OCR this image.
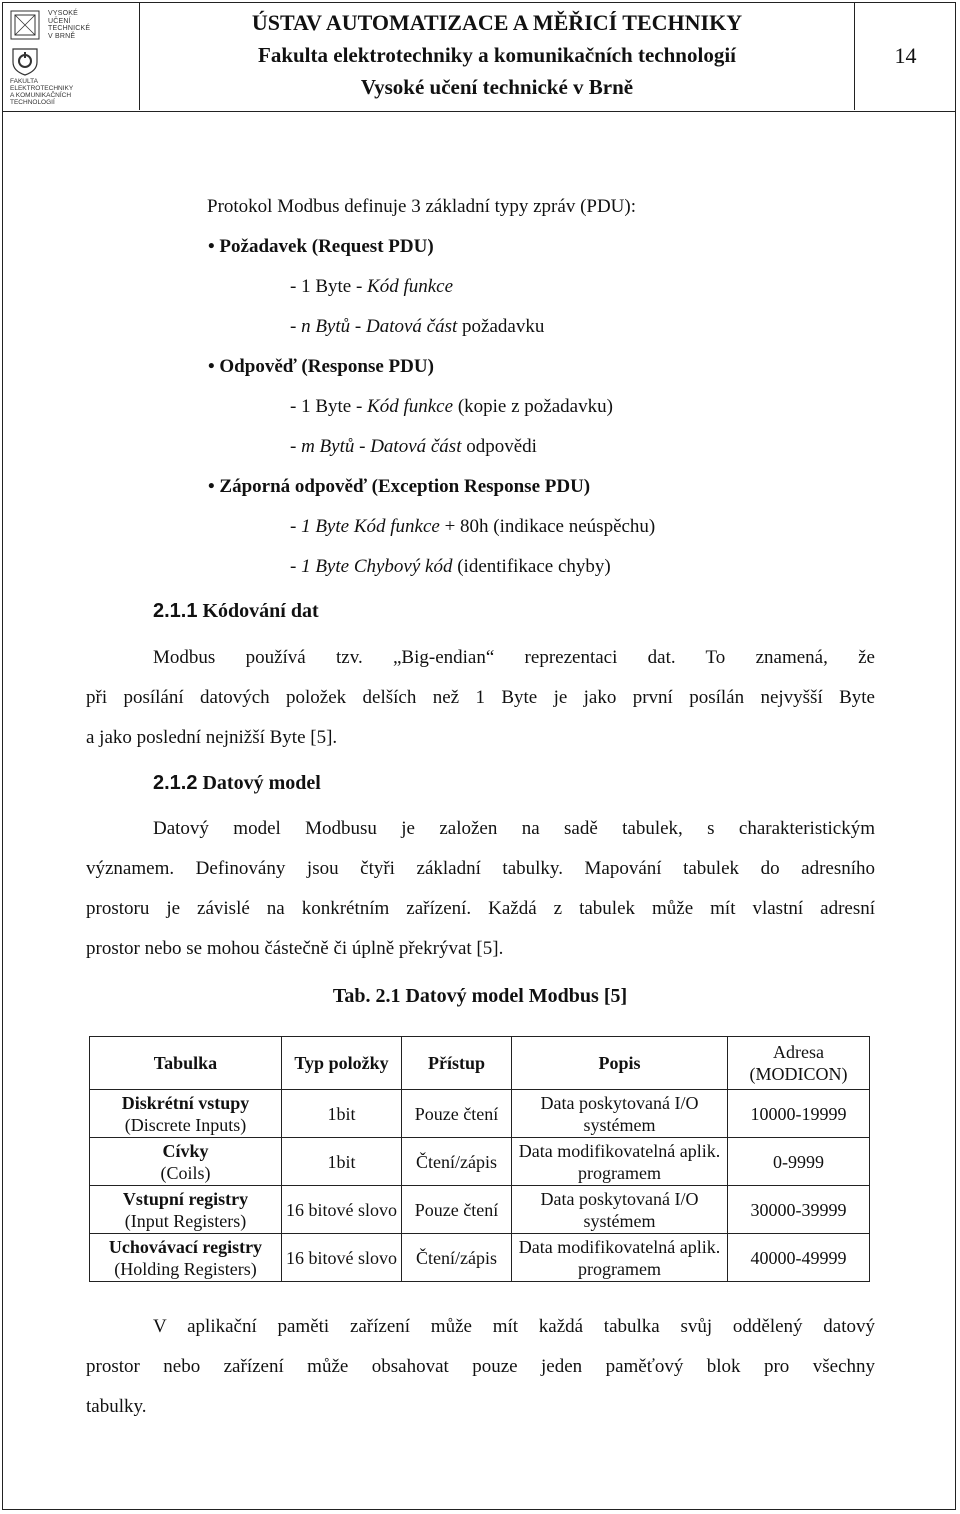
VYSOKÉ
UČENÍ
TECHNICKÉ
V BRNĚ
FAKULTA
ELEKTROTECHNIKY
A KOMUNIKAČNÍCH
TECHNOLOGIÍ
ÚSTAV AUTOMATIZACE A MĚŘICÍ TECHNIKY
Fakulta elektrotechniky a komunikačních technologií
Vysoké učení technické v Brně
14
Protokol Modbus definuje 3 základní typy zpráv (PDU):
• Požadavek (Request PDU)
- 1 Byte - Kód funkce
- n Bytů - Datová část požadavku
• Odpověď (Response PDU)
- 1 Byte - Kód funkce (kopie z požadavku)
- m Bytů - Datová část odpovědi
• Záporná odpověď (Exception Response PDU)
- 1 Byte Kód funkce + 80h (indikace neúspěchu)
- 1 Byte Chybový kód (identifikace chyby)
2.1.1 Kódování dat
Modbus používá tzv. „Big-endian“ reprezentaci dat. To znamená, že
při posílání datových položek delších než 1 Byte je jako první posílán nejvyšší Byte
a jako poslední nejnižší Byte [5].
2.1.2 Datový model
Datový model Modbusu je založen na sadě tabulek, s charakteristickým
významem. Definovány jsou čtyři základní tabulky. Mapování tabulek do adresního
prostoru je závislé na konkrétním zařízení. Každá z tabulek může mít vlastní adresní
prostor nebo se mohou částečně či úplně překrývat [5].
Tab. 2.1 Datový model Modbus [5]
Tabulka	Typ položky	Přístup	Popis	Adresa (MODICON)
Diskrétní vstupy
(Discrete Inputs)	1bit	Pouze čtení	Data poskytovaná I/O systémem	10000-19999
Cívky
(Coils)	1bit	Čtení/zápis	Data modifikovatelná aplik. programem	0-9999
Vstupní registry
(Input Registers)	16 bitové slovo	Pouze čtení	Data poskytovaná I/O systémem	30000-39999
Uchovávací registry
(Holding Registers)	16 bitové slovo	Čtení/zápis	Data modifikovatelná aplik. programem	40000-49999
V aplikační paměti zařízení může mít každá tabulka svůj oddělený datový
prostor nebo zařízení může obsahovat pouze jeden paměťový blok pro všechny
tabulky.
